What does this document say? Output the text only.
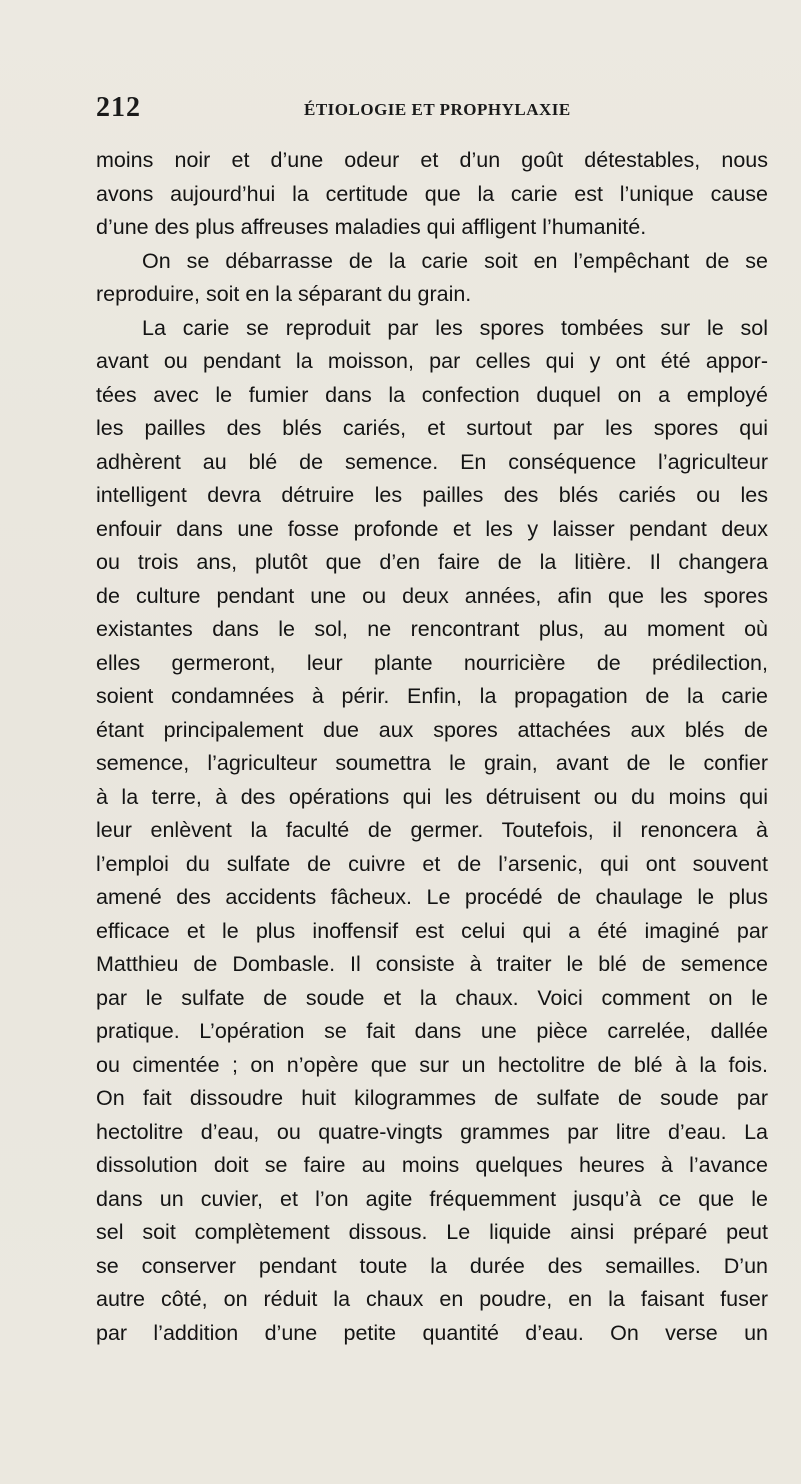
212	ÉTIOLOGIE ET PROPHYLAXIE
moins noir et d’une odeur et d’un goût détestables, nous
avons aujourd’hui la certitude que la carie est l’unique cause
d’une des plus affreuses maladies qui affligent l’humanité.
On se débarrasse de la carie soit en l’empêchant de se
reproduire, soit en la séparant du grain.
La carie se reproduit par les spores tombées sur le sol
avant ou pendant la moisson, par celles qui y ont été appor-
tées avec le fumier dans la confection duquel on a employé
les pailles des blés cariés, et surtout par les spores qui
adhèrent au blé de semence. En conséquence l’agriculteur
intelligent devra détruire les pailles des blés cariés ou les
enfouir dans une fosse profonde et les y laisser pendant deux
ou trois ans, plutôt que d’en faire de la litière. Il changera
de culture pendant une ou deux années, afin que les spores
existantes dans le sol, ne rencontrant plus, au moment où
elles germeront, leur plante nourricière de prédilection,
soient condamnées à périr. Enfin, la propagation de la carie
étant principalement due aux spores attachées aux blés de
semence, l’agriculteur soumettra le grain, avant de le confier
à la terre, à des opérations qui les détruisent ou du moins qui
leur enlèvent la faculté de germer. Toutefois, il renoncera à
l’emploi du sulfate de cuivre et de l’arsenic, qui ont souvent
amené des accidents fâcheux. Le procédé de chaulage le plus
efficace et le plus inoffensif est celui qui a été imaginé par
Matthieu de Dombasle. Il consiste à traiter le blé de semence
par le sulfate de soude et la chaux. Voici comment on le
pratique. L’opération se fait dans une pièce carrelée, dallée
ou cimentée ; on n’opère que sur un hectolitre de blé à la fois.
On fait dissoudre huit kilogrammes de sulfate de soude par
hectolitre d’eau, ou quatre-vingts grammes par litre d’eau. La
dissolution doit se faire au moins quelques heures à l’avance
dans un cuvier, et l’on agite fréquemment jusqu’à ce que le
sel soit complètement dissous. Le liquide ainsi préparé peut
se conserver pendant toute la durée des semailles. D’un
autre côté, on réduit la chaux en poudre, en la faisant fuser
par l’addition d’une petite quantité d’eau. On verse un
